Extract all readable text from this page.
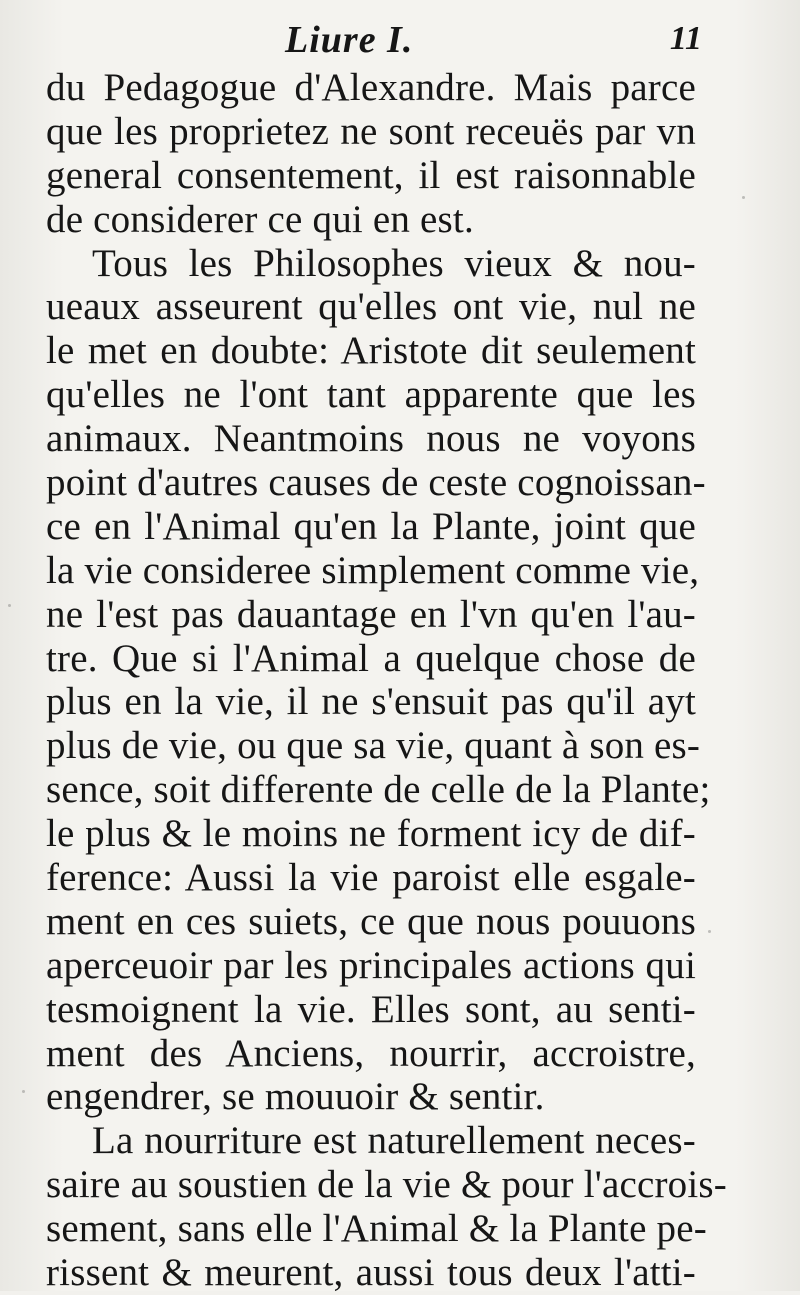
Liure I.	11
du Pedagogue d'Alexandre. Mais parce
que les proprietez ne sont receuës par vn
general consentement, il est raisonnable
de considerer ce qui en est.
Tous les Philosophes vieux & nou-
ueaux asseurent qu'elles ont vie, nul ne
le met en doubte: Aristote dit seulement
qu'elles ne l'ont tant apparente que les
animaux. Neantmoins nous ne voyons
point d'autres causes de ceste cognoissan-
ce en l'Animal qu'en la Plante, joint que
la vie consideree simplement comme vie,
ne l'est pas dauantage en l'vn qu'en l'au-
tre. Que si l'Animal a quelque chose de
plus en la vie, il ne s'ensuit pas qu'il ayt
plus de vie, ou que sa vie, quant à son es-
sence, soit differente de celle de la Plante;
le plus & le moins ne forment icy de dif-
ference: Aussi la vie paroist elle esgale-
ment en ces suiets, ce que nous pouuons
aperceuoir par les principales actions qui
tesmoignent la vie. Elles sont, au senti-
ment des Anciens, nourrir, accroistre,
engendrer, se mouuoir & sentir.
La nourriture est naturellement neces-
saire au soustien de la vie & pour l'accrois-
sement, sans elle l'Animal & la Plante pe-
rissent & meurent, aussi tous deux l'atti-
